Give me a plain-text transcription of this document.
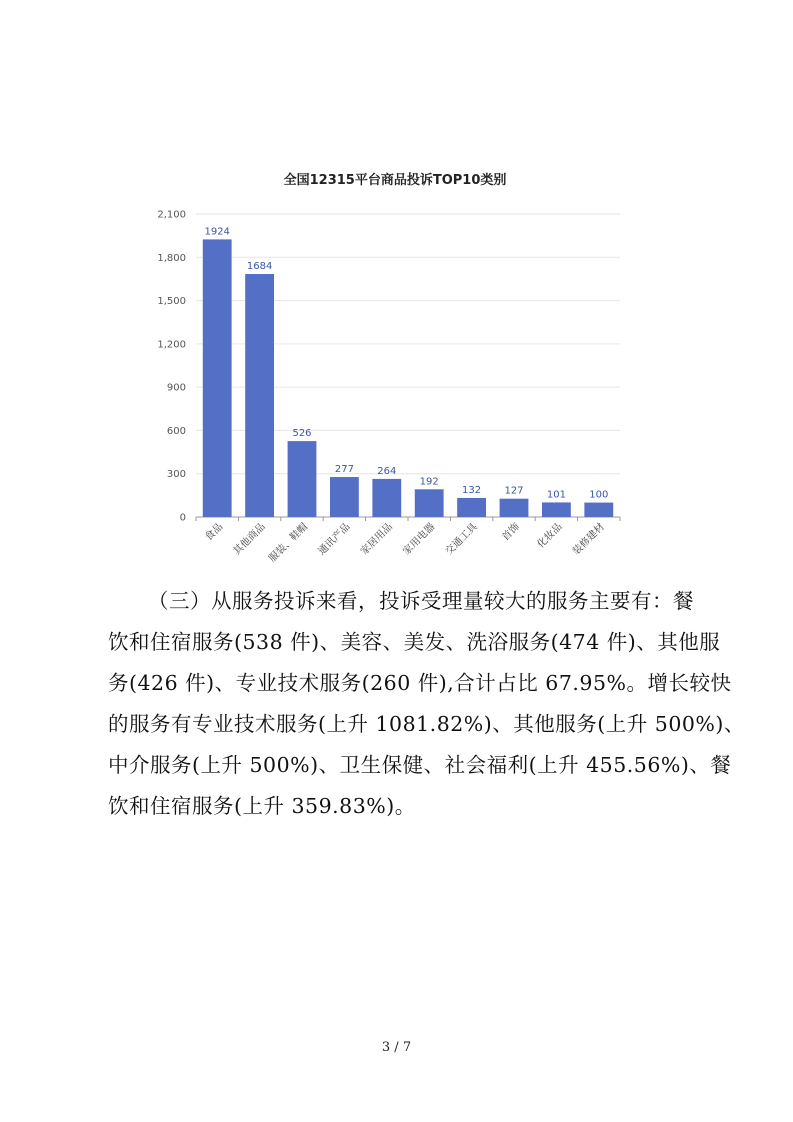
全国12315平台商品投诉TOP10类别
0
300
600
900
1,200
1,500
1,800
2,100
1924
食品
1684
其他商品
526
服装、鞋帽
277
通讯产品
264
家居用品
192
家用电器
132
交通工具
127
首饰
101
化妆品
100
装修建材
（三）从服务投诉来看，投诉受理量较大的服务主要有：餐
饮和住宿服务(538 件)、美容、美发、洗浴服务(474 件)、其他服
务(426 件)、专业技术服务(260 件),合计占比 67.95%。增长较快
的服务有专业技术服务(上升 1081.82%)、其他服务(上升 500%)、
中介服务(上升 500%)、卫生保健、社会福利(上升 455.56%)、餐
饮和住宿服务(上升 359.83%)。
3 / 7
